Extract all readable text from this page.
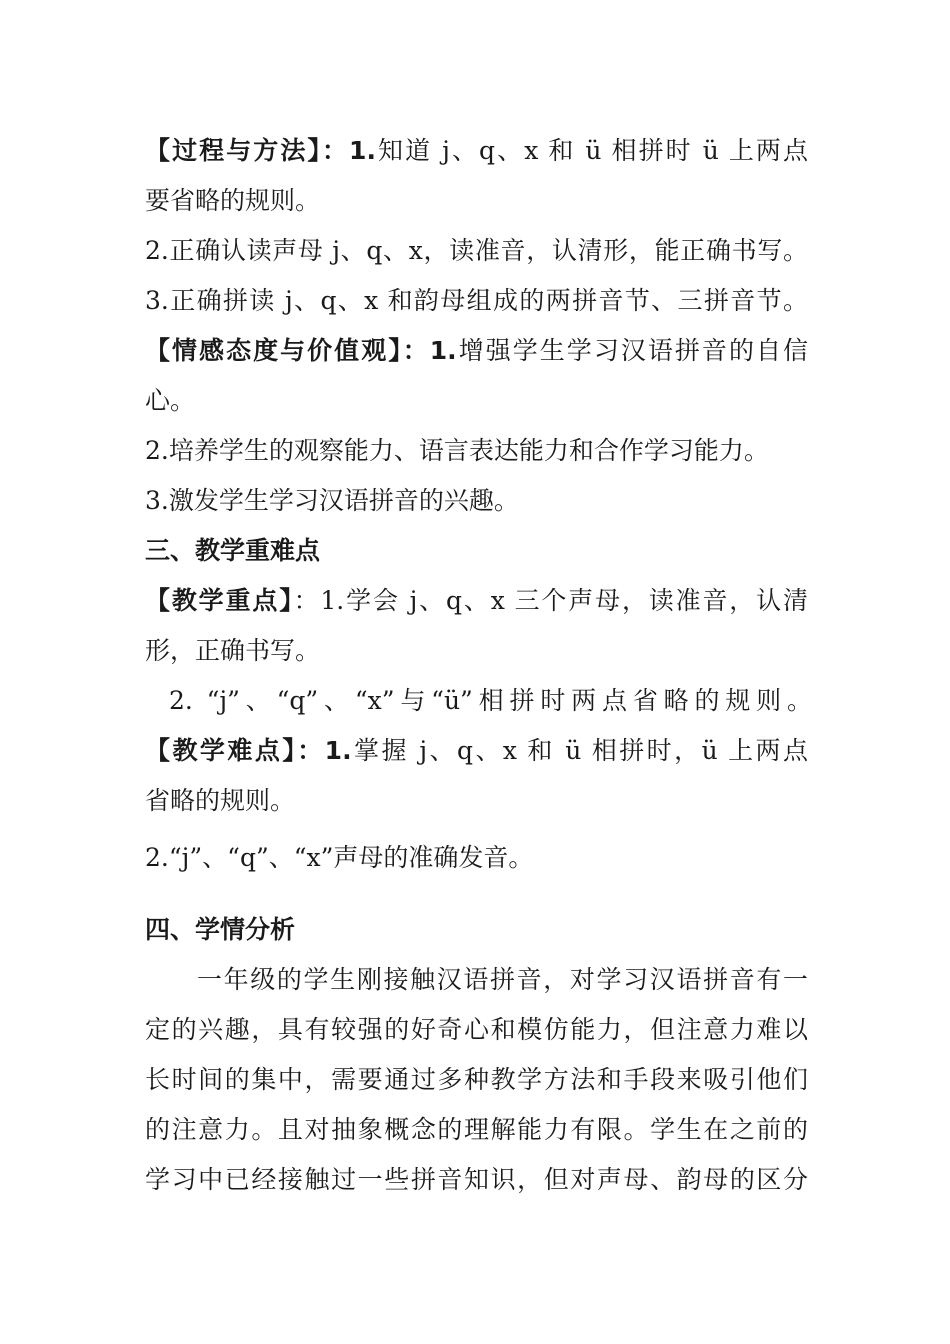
【过程与方法】：1.知道 j、q、x 和 ü 相拼时 ü 上两点
要省略的规则。
2.正确认读声母 j、q、x，读准音，认清形，能正确书写。
3.正确拼读 j、q、x 和韵母组成的两拼音节、三拼音节。
【情感态度与价值观】：1.增强学生学习汉语拼音的自信
心。
2.培养学生的观察能力、语言表达能力和合作学习能力。
3.激发学生学习汉语拼音的兴趣。
三、教学重难点
【教学重点】：1.学会 j、q、x 三个声母，读准音，认清
形，正确书写。
2. “j”、“q”、“x”与“ü”相拼时两点省略的规则。
【教学难点】：1.掌握 j、q、x 和 ü 相拼时，ü 上两点
省略的规则。
2.“j”、“q”、“x”声母的准确发音。
四、学情分析
一年级的学生刚接触汉语拼音，对学习汉语拼音有一
定的兴趣，具有较强的好奇心和模仿能力，但注意力难以
长时间的集中，需要通过多种教学方法和手段来吸引他们
的注意力。且对抽象概念的理解能力有限。学生在之前的
学习中已经接触过一些拼音知识，但对声母、韵母的区分
